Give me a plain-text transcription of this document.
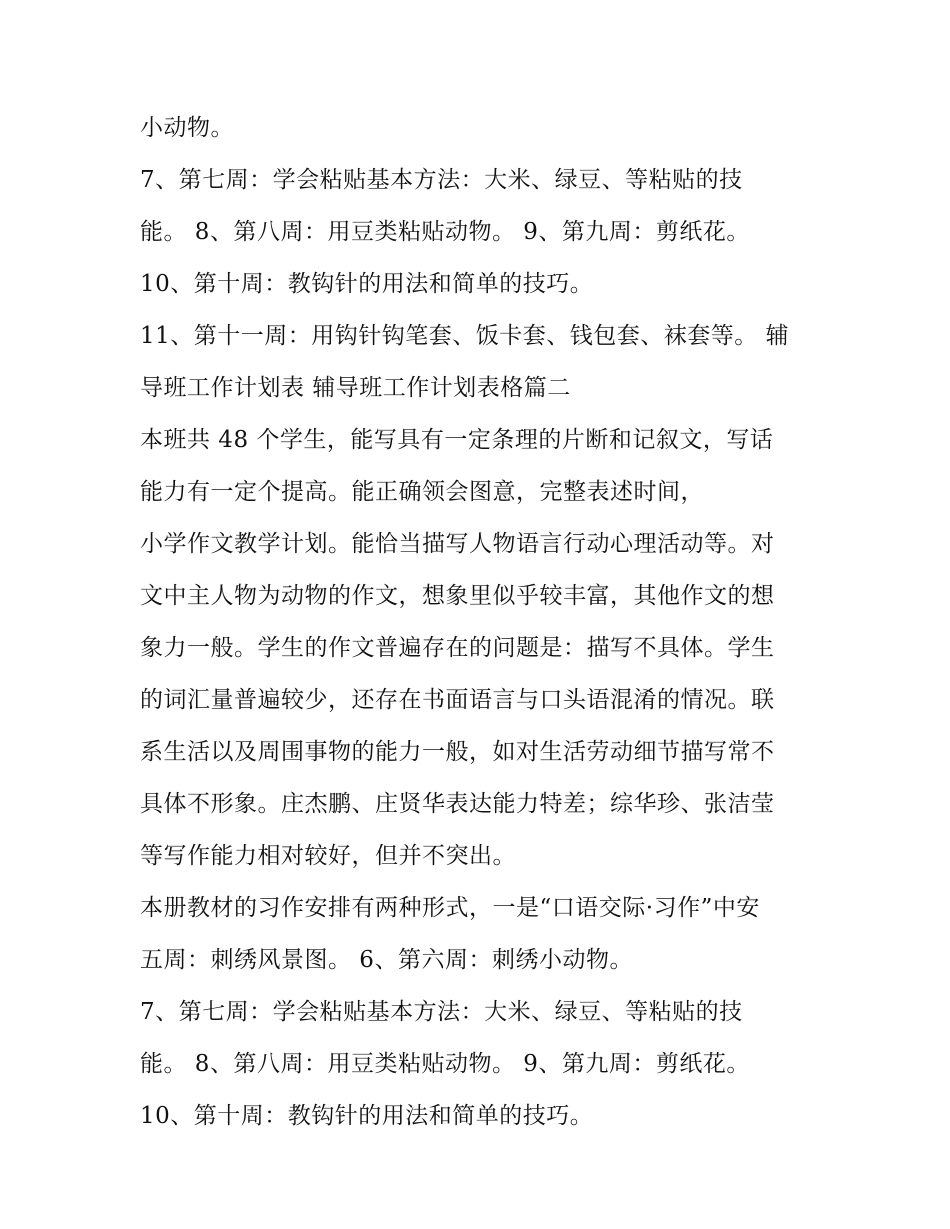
小动物。
7、第七周：学会粘贴基本方法：大米、绿豆、等粘贴的技
能。 8、第八周：用豆类粘贴动物。 9、第九周：剪纸花。
10、第十周：教钩针的用法和简单的技巧。
11、第十一周：用钩针钩笔套、饭卡套、钱包套、袜套等。 辅
导班工作计划表 辅导班工作计划表格篇二
本班共 48 个学生，能写具有一定条理的片断和记叙文，写话
能力有一定个提高。能正确领会图意，完整表述时间，
小学作文教学计划。能恰当描写人物语言行动心理活动等。对
文中主人物为动物的作文，想象里似乎较丰富，其他作文的想
象力一般。学生的作文普遍存在的问题是：描写不具体。学生
的词汇量普遍较少，还存在书面语言与口头语混淆的情况。联
系生活以及周围事物的能力一般，如对生活劳动细节描写常不
具体不形象。庄杰鹏、庄贤华表达能力特差；综华珍、张洁莹
等写作能力相对较好，但并不突出。
本册教材的习作安排有两种形式，一是“口语交际·习作”中安
五周：刺绣风景图。 6、第六周：刺绣小动物。
7、第七周：学会粘贴基本方法：大米、绿豆、等粘贴的技
能。 8、第八周：用豆类粘贴动物。 9、第九周：剪纸花。
10、第十周：教钩针的用法和简单的技巧。
